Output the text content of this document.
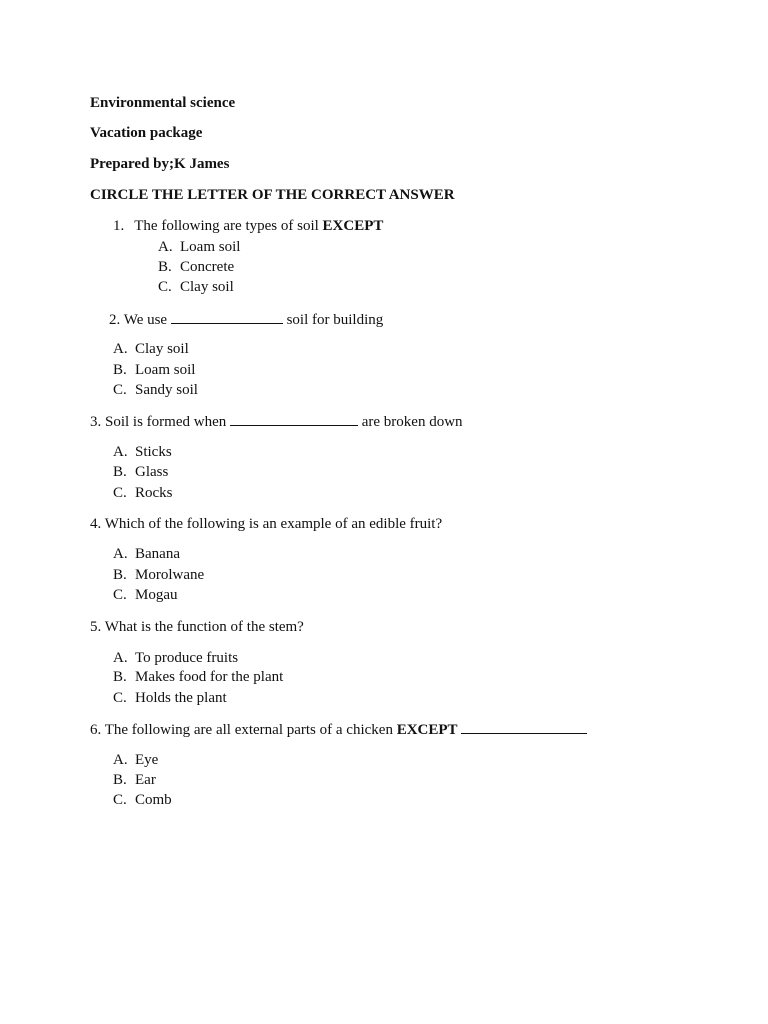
Environmental science
Vacation package
Prepared by;K James
CIRCLE THE LETTER OF THE CORRECT ANSWER
1. The following are types of soil EXCEPT
A. Loam soil
B. Concrete
C. Clay soil
2. We use	soil for building
A. Clay soil
B. Loam soil
C. Sandy soil
3. Soil is formed when	are broken down
A. Sticks
B. Glass
C. Rocks
4. Which of the following is an example of an edible fruit?
A. Banana
B. Morolwane
C. Mogau
5. What is the function of the stem?
A. To produce fruits
B. Makes food for the plant
C. Holds the plant
6. The following are all external parts of a chicken EXCEPT
A. Eye
B. Ear
C. Comb
